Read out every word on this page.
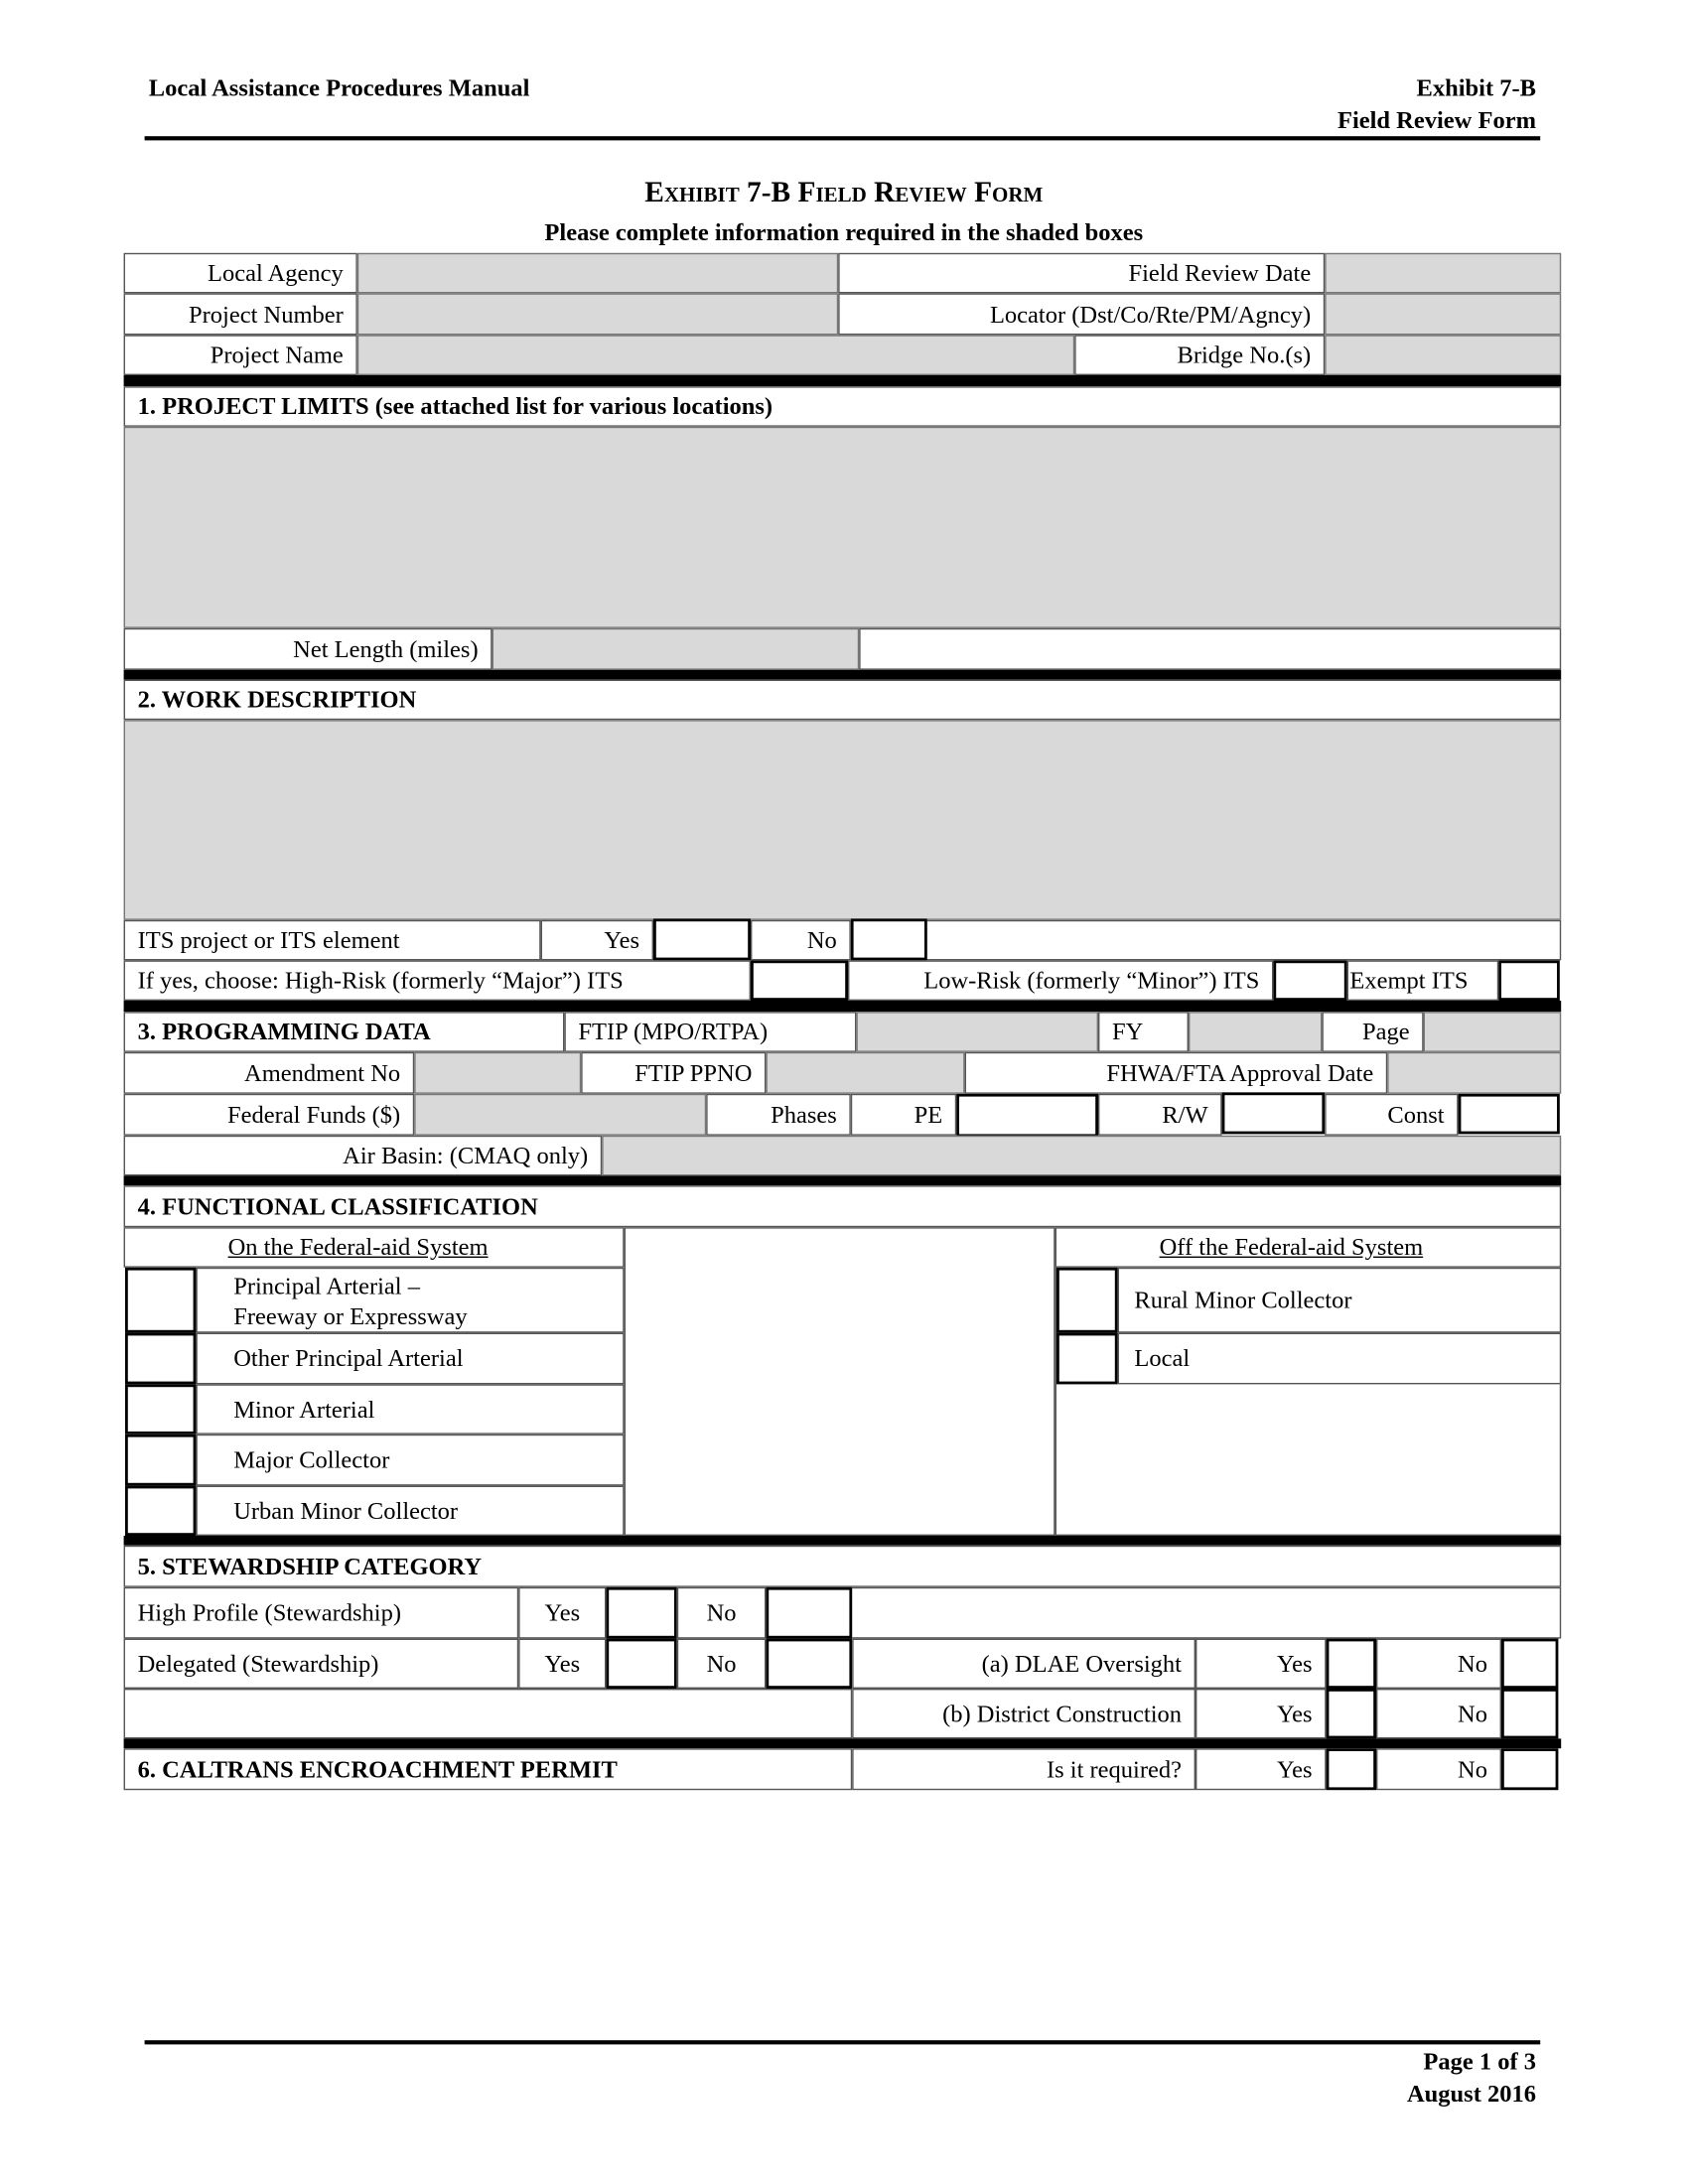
Local Assistance Procedures Manual	Exhibit 7-B
Field Review Form
Exhibit 7-B Field Review Form
Please complete information required in the shaded boxes
Local Agency	Field Review Date
Project Number	Locator (Dst/Co/Rte/PM/Agncy)
Project Name	Bridge No.(s)
1. PROJECT LIMITS (see attached list for various locations)
Net Length (miles)
2. WORK DESCRIPTION
ITS project or ITS element	Yes	No
If yes, choose: High-Risk (formerly “Major”) ITS	Low-Risk (formerly “Minor”) ITS	Exempt ITS
3. PROGRAMMING DATA	FTIP (MPO/RTPA)	FY	Page
Amendment No	FTIP PPNO	FHWA/FTA Approval Date
Federal Funds ($)	Phases	PE	R/W	Const
Air Basin: (CMAQ only)
4. FUNCTIONAL CLASSIFICATION
On the Federal-aid System
Principal Arterial –
Freeway or Expressway
Other Principal Arterial
Minor Arterial
Major Collector
Urban Minor Collector
Off the Federal-aid System
Rural Minor Collector
Local
5. STEWARDSHIP CATEGORY
High Profile (Stewardship)	Yes	No
Delegated (Stewardship)	Yes	No	(a) DLAE Oversight	Yes	No
(b) District Construction	Yes	No
6. CALTRANS ENCROACHMENT PERMIT	Is it required?	Yes	No
Page 1 of 3
August 2016
